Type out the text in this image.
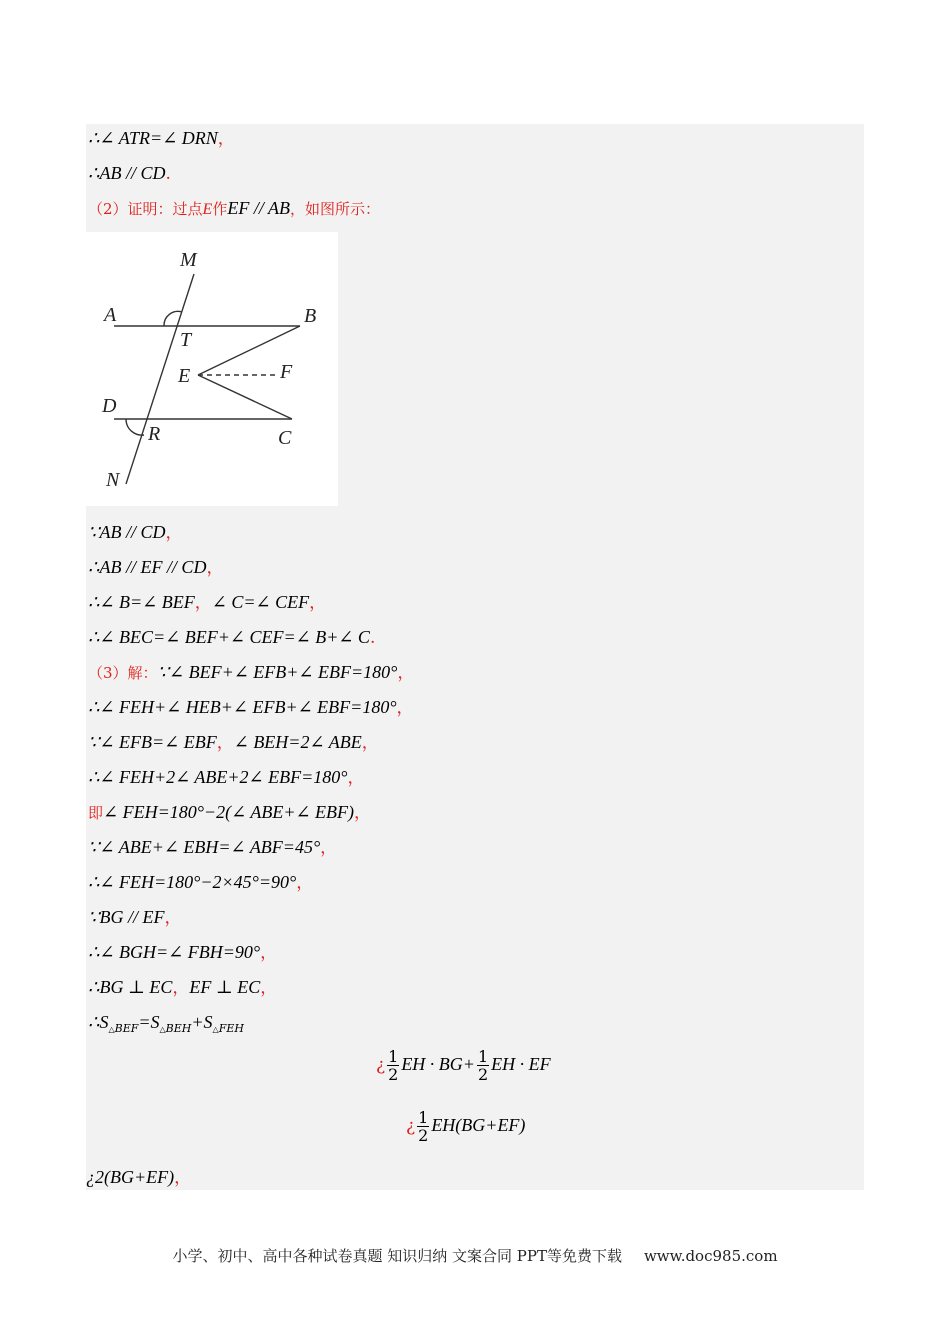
∴∠ ATR=∠ DRN，
∴AB // CD.
（2）证明：过点E作EF // AB，如图所示：
M
A	B
T
E	F
D
R	C
N
∵AB // CD，
∴AB // EF // CD，
∴∠ B=∠ BEF，∠ C=∠ CEF，
∴∠ BEC=∠ BEF+∠ CEF=∠ B+∠ C.
（3）解：∵∠ BEF+∠ EFB+∠ EBF=180°，
∴∠ FEH+∠ HEB+∠ EFB+∠ EBF=180°，
∵∠ EFB=∠ EBF，∠ BEH=2∠ ABE，
∴∠ FEH+2∠ ABE+2∠ EBF=180°，
即∠ FEH=180°−2(∠ ABE+∠ EBF)，
∵∠ ABE+∠ EBH=∠ ABF=45°，
∴∠ FEH=180°−2×45°=90°，
∵BG // EF，
∴∠ BGH=∠ FBH=90°，
∴BG ⊥ EC，EF ⊥ EC，
$\therefore S_{\triangle BEF}=S_{\triangle BEH}+S_{\triangle FEH}$
¿ $\frac{1}{2}$ EH · $BG+ \frac{1}{2}$ EH · EF
¿ $\frac{1}{2} EH(BG+EF)$
¿2(BG+EF)，
小学、初中、高中各种试卷真题 知识归纳 文案合同 PPT等免费下载 www.doc985.com
